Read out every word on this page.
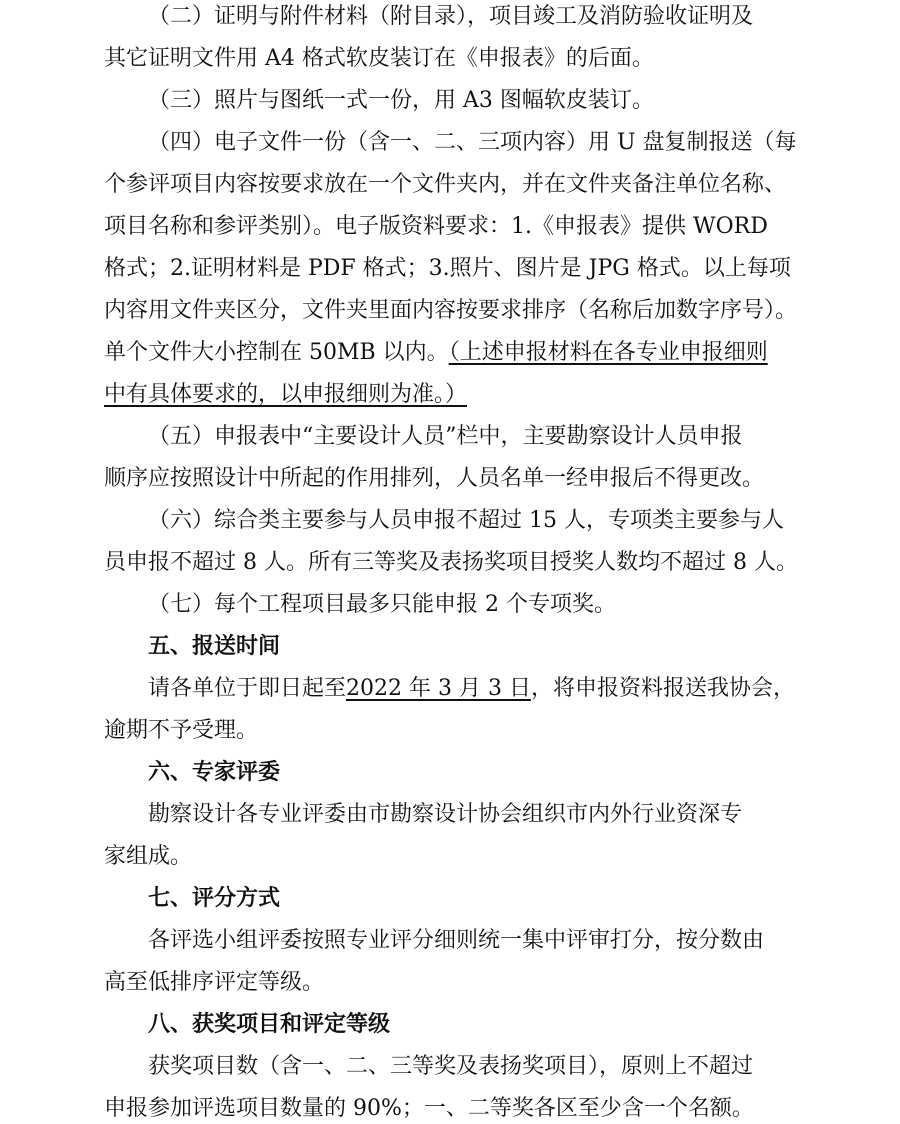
（二）证明与附件材料（附目录），项目竣工及消防验收证明及
其它证明文件用 A4 格式软皮装订在《申报表》的后面。
（三）照片与图纸一式一份，用 A3 图幅软皮装订。
（四）电子文件一份（含一、二、三项内容）用 U 盘复制报送（每
个参评项目内容按要求放在一个文件夹内，并在文件夹备注单位名称、
项目名称和参评类别）。电子版资料要求：1.《申报表》提供 WORD
格式；2.证明材料是 PDF 格式；3.照片、图片是 JPG 格式。以上每项
内容用文件夹区分，文件夹里面内容按要求排序（名称后加数字序号）。
单个文件大小控制在 50MB 以内。（上述申报材料在各专业申报细则
中有具体要求的，以申报细则为准。）
（五）申报表中“主要设计人员”栏中，主要勘察设计人员申报
顺序应按照设计中所起的作用排列，人员名单一经申报后不得更改。
（六）综合类主要参与人员申报不超过 15 人，专项类主要参与人
员申报不超过 8 人。所有三等奖及表扬奖项目授奖人数均不超过 8 人。
（七）每个工程项目最多只能申报 2 个专项奖。
五、报送时间
请各单位于即日起至2022 年 3 月 3 日，将申报资料报送我协会，
逾期不予受理。
六、专家评委
勘察设计各专业评委由市勘察设计协会组织市内外行业资深专
家组成。
七、评分方式
各评选小组评委按照专业评分细则统一集中评审打分，按分数由
高至低排序评定等级。
八、获奖项目和评定等级
获奖项目数（含一、二、三等奖及表扬奖项目），原则上不超过
申报参加评选项目数量的 90%；一、二等奖各区至少含一个名额。
